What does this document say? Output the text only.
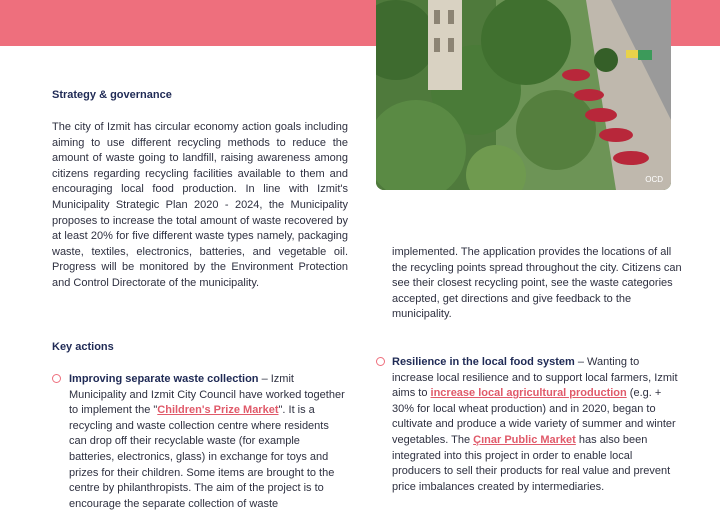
OCD
Strategy & governance
The city of Izmit has circular economy action goals including aiming to use different recycling methods to reduce the amount of waste going to landfill, raising awareness among citizens regarding recycling facilities available to them and encouraging local food production. In line with Izmit's Municipality Strategic Plan 2020 - 2024, the Municipality proposes to increase the total amount of waste recovered by at least 20% for five different waste types namely, packaging waste, textiles, electronics, batteries, and vegetable oil. Progress will be monitored by the Environment Protection and Control Directorate of the municipality.
Key actions
Improving separate waste collection – Izmit Municipality and Izmit City Council have worked together to implement the "Children's Prize Market". It is a recycling and waste collection centre where residents can drop off their recyclable waste (for example batteries, electronics, glass) in exchange for toys and prizes for their children. Some items are brought to the centre by philanthropists. The aim of the project is to encourage the separate collection of waste
implemented. The application provides the locations of all the recycling points spread throughout the city. Citizens can see their closest recycling point, see the waste categories accepted, get directions and give feedback to the municipality.
Resilience in the local food system – Wanting to increase local resilience and to support local farmers, Izmit aims to increase local agricultural production (e.g. + 30% for local wheat production) and in 2020, began to cultivate and produce a wide variety of summer and winter vegetables. The Çınar Public Market has also been integrated into this project in order to enable local producers to sell their products for real value and prevent price imbalances created by intermediaries.
